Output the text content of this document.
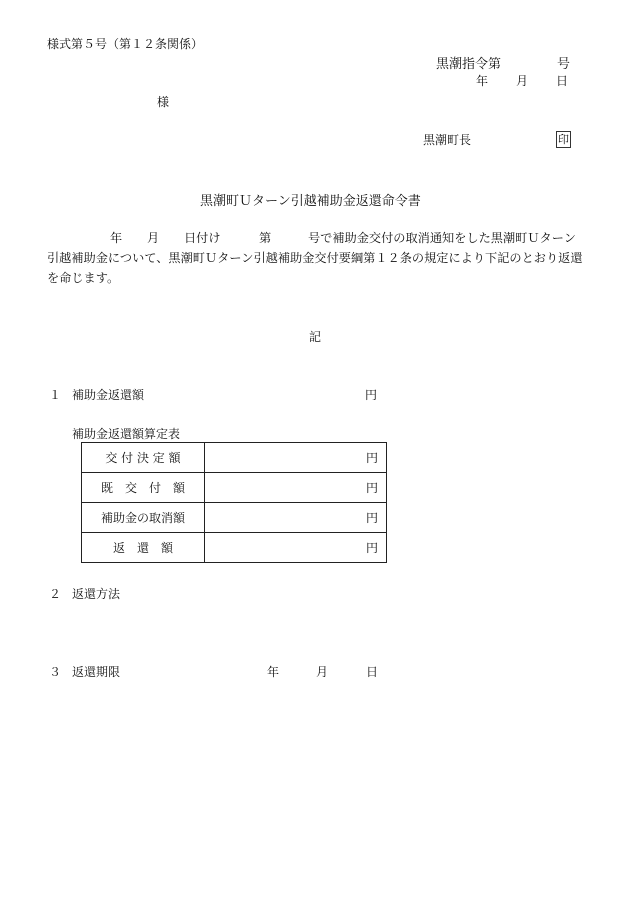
様式第５号（第１２条関係）
黒潮指令第	号
年 月 日
様
黒潮町長	印
黒潮町Ｕターン引越補助金返還命令書
年 月 日付け	第	号で補助金交付の取消通知をした黒潮町Ｕターン
引越補助金について、黒潮町Ｕターン引越補助金交付要綱第１２条の規定により下記のとおり返還
を命じます。
記
１ 補助金返還額	円
補助金返還額算定表
交 付 決 定 額	円
既　交　付　額	円
補助金の取消額	円
返　還　額	円
２ 返還方法
３ 返還期限	年	月	日
